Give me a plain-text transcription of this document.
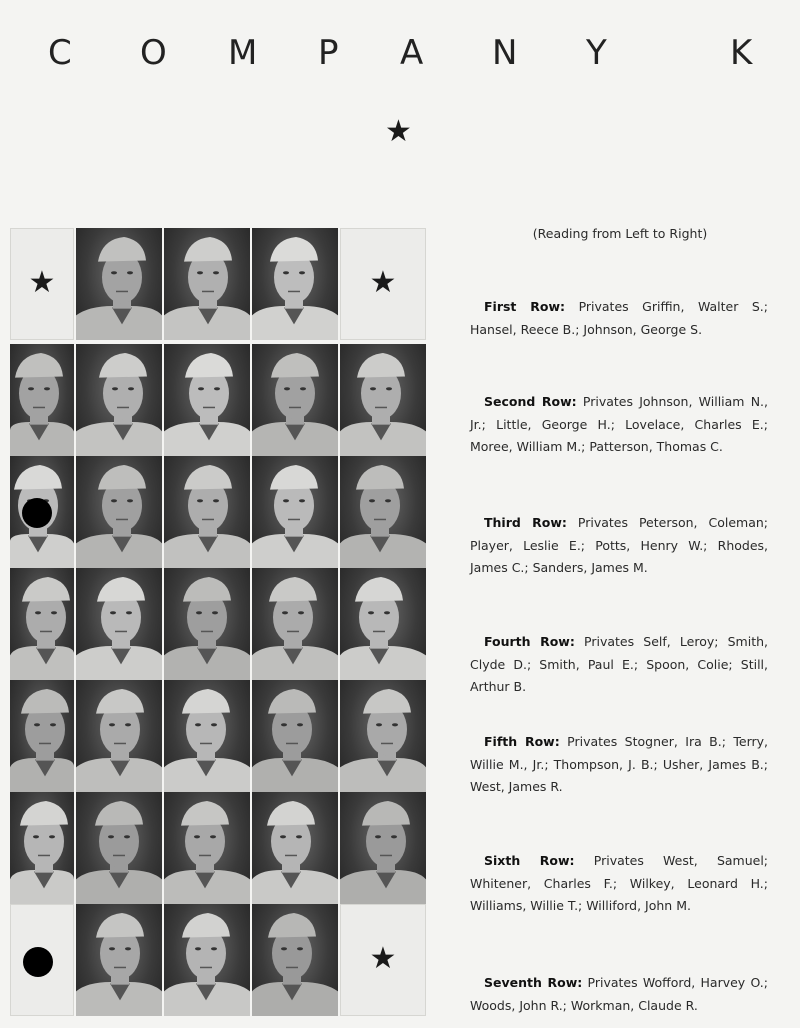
C O M P A N Y	K
★
★	★
★
(Reading from Left to Right)
First Row: Privates Griffin, Walter S.; Hansel, Reece B.; Johnson, George S.
Second Row: Privates Johnson, William N., Jr.; Little, George H.; Lovelace, Charles E.; Moree, William M.; Patterson, Thomas C.
Third Row: Privates Peterson, Coleman; Player, Leslie E.; Potts, Henry W.; Rhodes, James C.; Sanders, James M.
Fourth Row: Privates Self, Leroy; Smith, Clyde D.; Smith, Paul E.; Spoon, Colie; Still, Arthur B.
Fifth Row: Privates Stogner, Ira B.; Terry, Willie M., Jr.; Thompson, J. B.; Usher, James B.; West, James R.
Sixth Row: Privates West, Samuel; Whitener, Charles F.; Wilkey, Leonard H.; Williams, Willie T.; Williford, John M.
Seventh Row: Privates Wofford, Harvey O.; Woods, John R.; Workman, Claude R.
